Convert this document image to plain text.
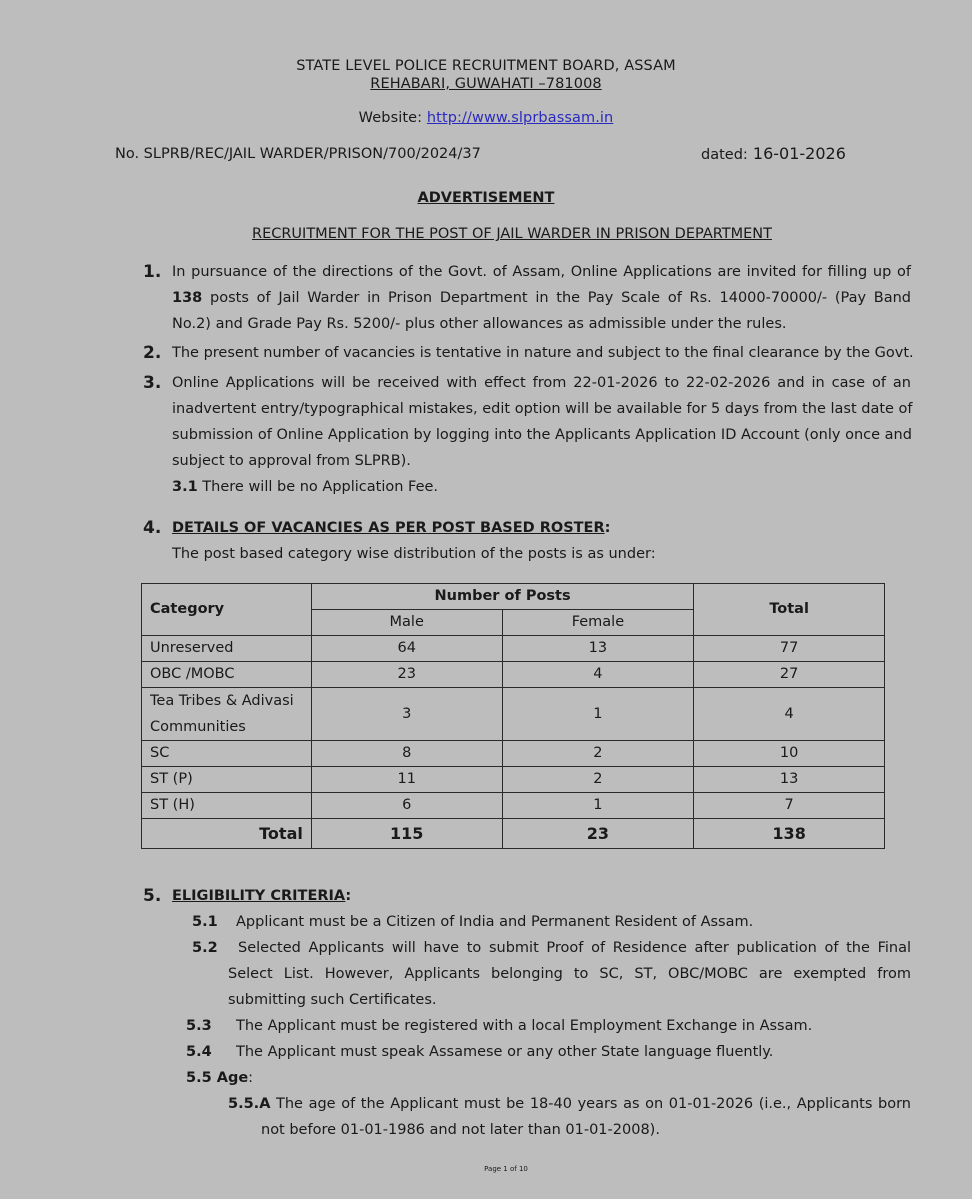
STATE LEVEL POLICE RECRUITMENT BOARD, ASSAM
REHABARI, GUWAHATI –781008
Website: http://www.slprbassam.in
No. SLPRB/REC/JAIL WARDER/PRISON/700/2024/37	dated: 16-01-2026
ADVERTISEMENT
RECRUITMENT FOR THE POST OF JAIL WARDER IN PRISON DEPARTMENT
1. In pursuance of the directions of the Govt. of Assam, Online Applications are invited for filling up of
138 posts of Jail Warder in Prison Department in the Pay Scale of Rs. 14000-70000/- (Pay Band
No.2) and Grade Pay Rs. 5200/- plus other allowances as admissible under the rules.
2. The present number of vacancies is tentative in nature and subject to the final clearance by the Govt.
3. Online Applications will be received with effect from 22-01-2026 to 22-02-2026 and in case of an
inadvertent entry/typographical mistakes, edit option will be available for 5 days from the last date of
submission of Online Application by logging into the Applicants Application ID Account (only once and
subject to approval from SLPRB).
3.1 There will be no Application Fee.
4. DETAILS OF VACANCIES AS PER POST BASED ROSTER:
The post based category wise distribution of the posts is as under:
Category	Number of Posts		Total
	Male	Female	
Unreserved	64	13	77
OBC /MOBC	23	4	27

Tea Tribes & Adivasi
Communities	3	1	4
SC	8	2	10
ST (P)	11	2	13
ST (H)	6	1	7
Total	115	23	138
5. ELIGIBILITY CRITERIA:
5.1 Applicant must be a Citizen of India and Permanent Resident of Assam.
5.2 Selected Applicants will have to submit Proof of Residence after publication of the Final
Select List. However, Applicants belonging to SC, ST, OBC/MOBC are exempted from
submitting such Certificates.
5.3 The Applicant must be registered with a local Employment Exchange in Assam.
5.4 The Applicant must speak Assamese or any other State language fluently.
5.5 Age:
5.5.A The age of the Applicant must be 18-40 years as on 01-01-2026 (i.e., Applicants born
not before 01-01-1986 and not later than 01-01-2008).
Page 1 of 10
